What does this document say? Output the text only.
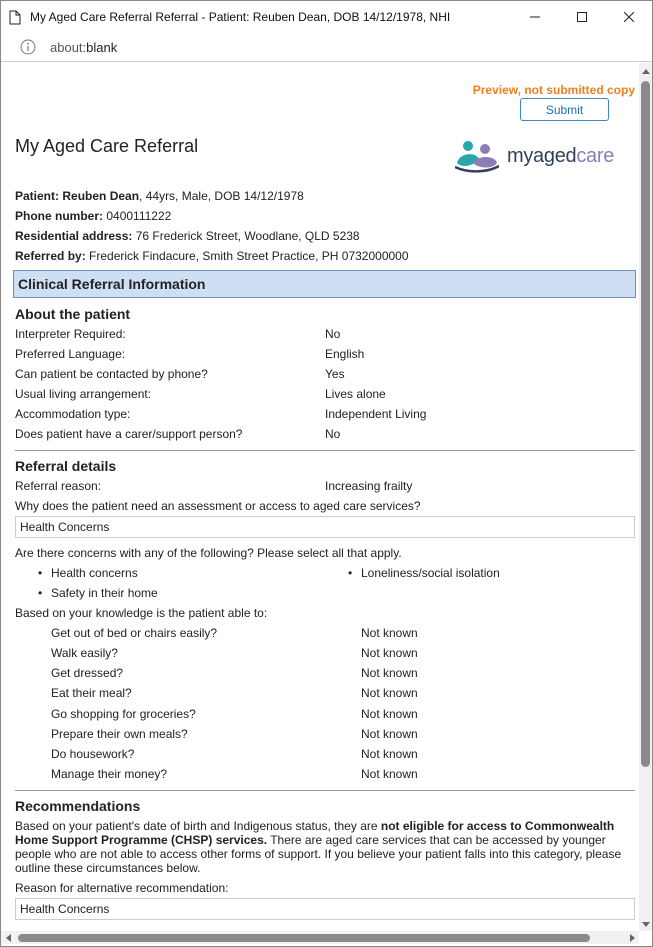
My Aged Care Referral Referral - Patient: Reuben Dean, DOB 14/12/1978, NHI
about:blank
Preview, not submitted copy
Submit
My Aged Care Referral	myagedcare
Patient: Reuben Dean, 44yrs, Male, DOB 14/12/1978
Phone number: 0400111222
Residential address: 76 Frederick Street, Woodlane, QLD 5238
Referred by: Frederick Findacure, Smith Street Practice, PH 0732000000
Clinical Referral Information
About the patient
Interpreter Required:	No
Preferred Language:	English
Can patient be contacted by phone?	Yes
Usual living arrangement:	Lives alone
Accommodation type:	Independent Living
Does patient have a carer/support person?	No
Referral details
Referral reason:	Increasing frailty
Why does the patient need an assessment or access to aged care services?
Health Concerns
Are there concerns with any of the following? Please select all that apply.
• Health concerns
•	Loneliness/social isolation
• Safety in their home
Based on your knowledge is the patient able to:
Get out of bed or chairs easily?	Not known
Walk easily?	Not known
Get dressed?	Not known
Eat their meal?	Not known
Go shopping for groceries?	Not known
Prepare their own meals?	Not known
Do housework?	Not known
Manage their money?	Not known
Recommendations
Based on your patient's date of birth and Indigenous status, they are not eligible for access to Commonwealth Home Support Programme (CHSP) services. There are aged care services that can be accessed by younger people who are not able to access other forms of support. If you believe your patient falls into this category, please outline these circumstances below.
Reason for alternative recommendation:
Health Concerns
